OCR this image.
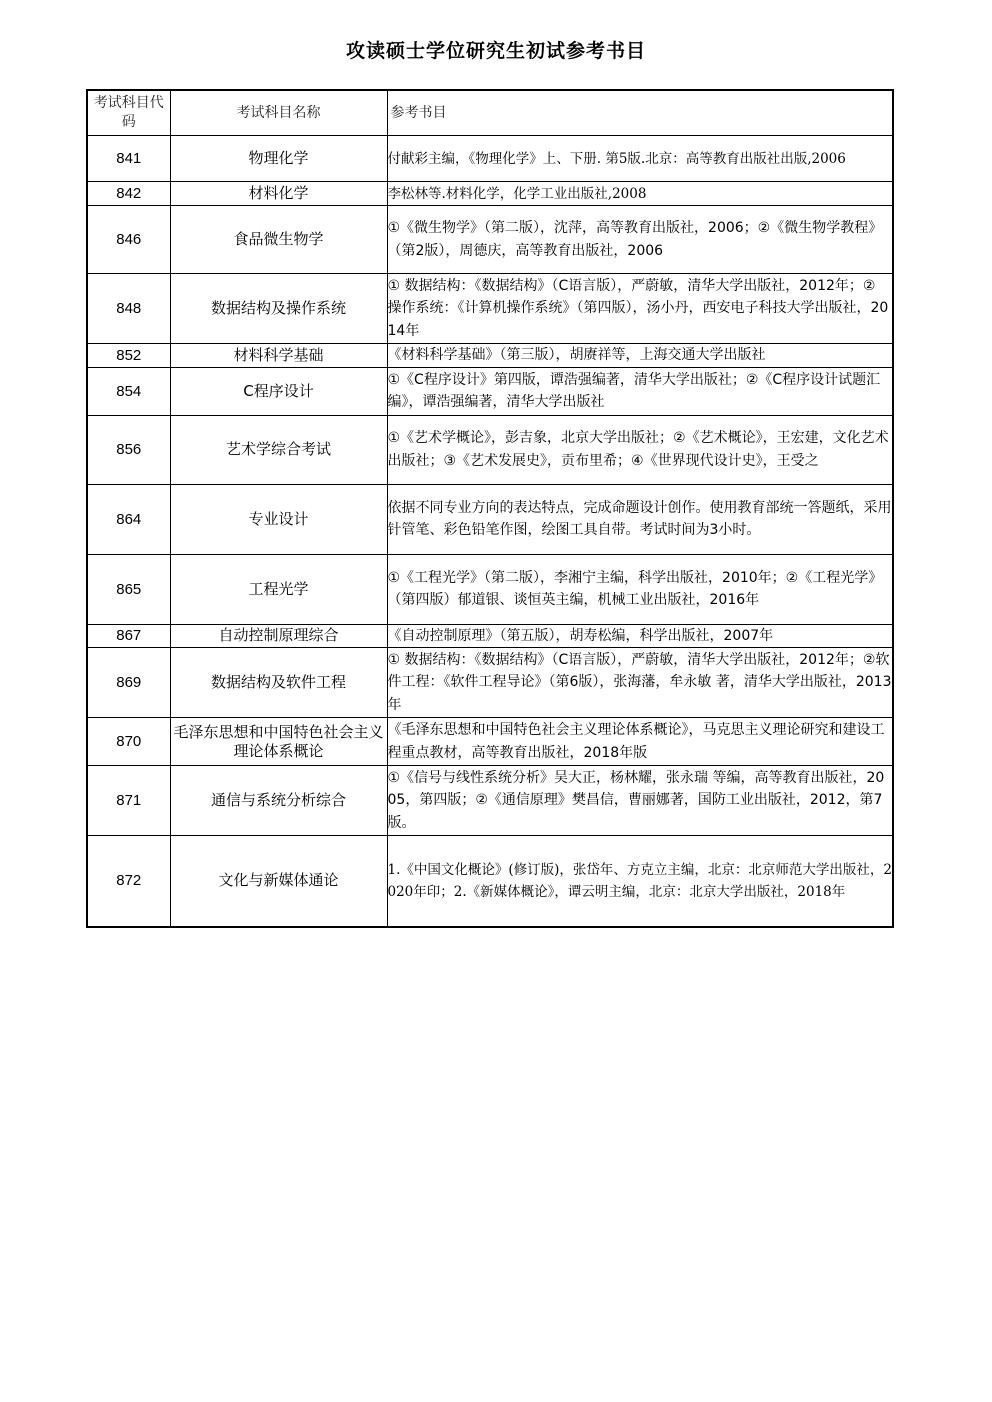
攻读硕士学位研究生初试参考书目
考试科目代码	考试科目名称	参考书目
841	物理化学	付献彩主编，《物理化学》上、下册. 第5版.北京：高等教育出版社出版,2006
842	材料化学	李松林等.材料化学，化学工业出版社,2008
846	食品微生物学	①《微生物学》（第二版），沈萍，高等教育出版社，2006；②《微生物学教程》（第2版），周德庆，高等教育出版社，2006
848	数据结构及操作系统	① 数据结构：《数据结构》（C语言版），严蔚敏，清华大学出版社，2012年；② 操作系统：《计算机操作系统》（第四版），汤小丹，西安电子科技大学出版社，2014年
852	材料科学基础	《材料科学基础》（第三版），胡赓祥等，上海交通大学出版社
854	C程序设计	①《C程序设计》第四版，谭浩强编著，清华大学出版社；②《C程序设计试题汇编》，谭浩强编著，清华大学出版社
856	艺术学综合考试	①《艺术学概论》，彭吉象，北京大学出版社；②《艺术概论》，王宏建，文化艺术出版社；③《艺术发展史》，贡布里希；④《世界现代设计史》，王受之
864	专业设计	依据不同专业方向的表达特点，完成命题设计创作。使用教育部统一答题纸，采用针管笔、彩色铅笔作图，绘图工具自带。考试时间为3小时。
865	工程光学	①《工程光学》（第二版），李湘宁主编，科学出版社，2010年；②《工程光学》（第四版）郁道银、谈恒英主编，机械工业出版社，2016年
867	自动控制原理综合	《自动控制原理》（第五版），胡寿松编，科学出版社，2007年
869	数据结构及软件工程	① 数据结构：《数据结构》（C语言版），严蔚敏，清华大学出版社，2012年；②软件工程：《软件工程导论》（第6版），张海藩，牟永敏 著，清华大学出版社，2013年
870	毛泽东思想和中国特色社会主义理论体系概论	《毛泽东思想和中国特色社会主义理论体系概论》，马克思主义理论研究和建设工程重点教材，高等教育出版社，2018年版
871	通信与系统分析综合	①《信号与线性系统分析》吴大正，杨林耀，张永瑞 等编，高等教育出版社，2005，第四版；②《通信原理》樊昌信，曹丽娜著，国防工业出版社，2012，第7版。
872	文化与新媒体通论	1.《中国文化概论》(修订版)，张岱年、方克立主编，北京：北京师范大学出版社，2020年印；2.《新媒体概论》，谭云明主编，北京：北京大学出版社，2018年
